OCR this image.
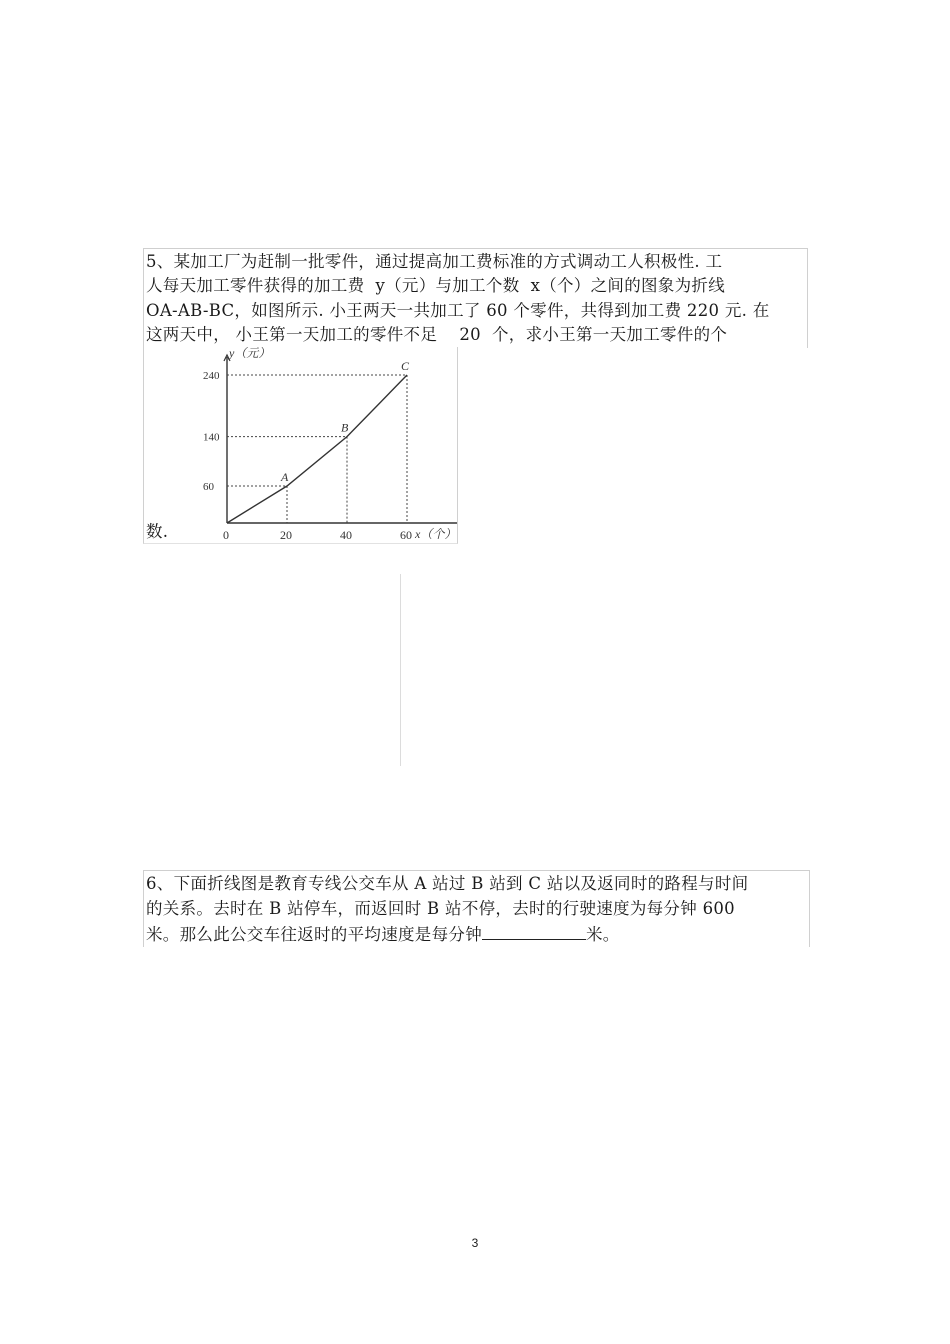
5、某加工厂为赶制一批零件，通过提高加工费标准的方式调动工人积极性. 工
人每天加工零件获得的加工费  y（元）与加工个数  x（个）之间的图象为折线
OA-AB-BC，如图所示. 小王两天一共加工了 60 个零件，共得到加工费 220 元. 在
这两天中， 小王第一天加工的零件不足    20  个，求小王第一天加工零件的个
数.
y（元）
x（个）
0	20	40	60
60
140
240
A
B
C
6、下面折线图是教育专线公交车从 A 站过 B 站到 C 站以及返同时的路程与时间
的关系。去时在 B 站停车，而返回时 B 站不停，去时的行驶速度为每分钟 600
米。那么此公交车往返时的平均速度是每分钟	米。
3
